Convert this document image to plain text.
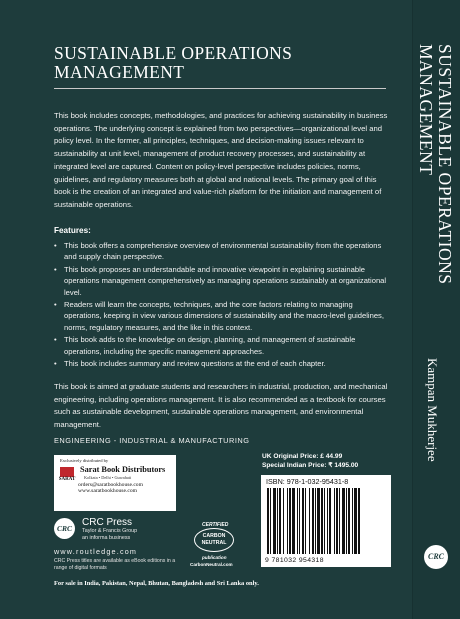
SUSTAINABLE OPERATIONS
MANAGEMENT
This book includes concepts, methodologies, and practices for achieving sustainability in business operations. The underlying concept is explained from two perspectives—organizational level and policy level. In the former, all principles, techniques, and decision-making issues relevant to sustainability at unit level, management of product recovery processes, and sustainability at integrated level are captured. Content on policy-level perspective includes policies, norms, guidelines, and regulatory measures both at global and national levels. The primary goal of this book is the creation of an integrated and value-rich platform for the initiation and management of sustainable operations.
Features:
• This book offers a comprehensive overview of environmental sustainability from the operations and supply chain perspective.
• This book proposes an understandable and innovative viewpoint in explaining sustainable operations management comprehensively as managing operations sustainably at organizational level.
• Readers will learn the concepts, techniques, and the core factors relating to managing operations, keeping in view various dimensions of sustainability and the macro-level guidelines, norms, regulatory measures, and the like in this context.
• This book adds to the knowledge on design, planning, and management of sustainable operations, including the specific management approaches.
• This book includes summary and review questions at the end of each chapter.
This book is aimed at graduate students and researchers in industrial, production, and mechanical engineering, including operations management. It is also recommended as a textbook for courses such as sustainable development, sustainable operations management, and environmental management.
ENGINEERING - INDUSTRIAL & MANUFACTURING
Exclusively distributed by
SARAT
Sarat Book Distributors
Kolkata • Delhi • Guwahati
orders@saratbookhouse.com
www.saratbookhouse.com
CRC
CRC Press
Taylor & Francis Group
an informa business
www.routledge.com
CRC Press titles are available as eBook editions in a range of digital formats
CERTIFIED
CARBON
NEUTRAL
publication
CarbonNeutral.com
UK Original Price: £ 44.99
Special Indian Price: ₹ 1495.00
ISBN: 978-1-032-95431-8
9 781032 954318
For sale in India, Pakistan, Nepal, Bhutan, Bangladesh and Sri Lanka only.
SUSTAINABLE OPERATIONS
MANAGEMENT
Kampan Mukherjee
CRC
